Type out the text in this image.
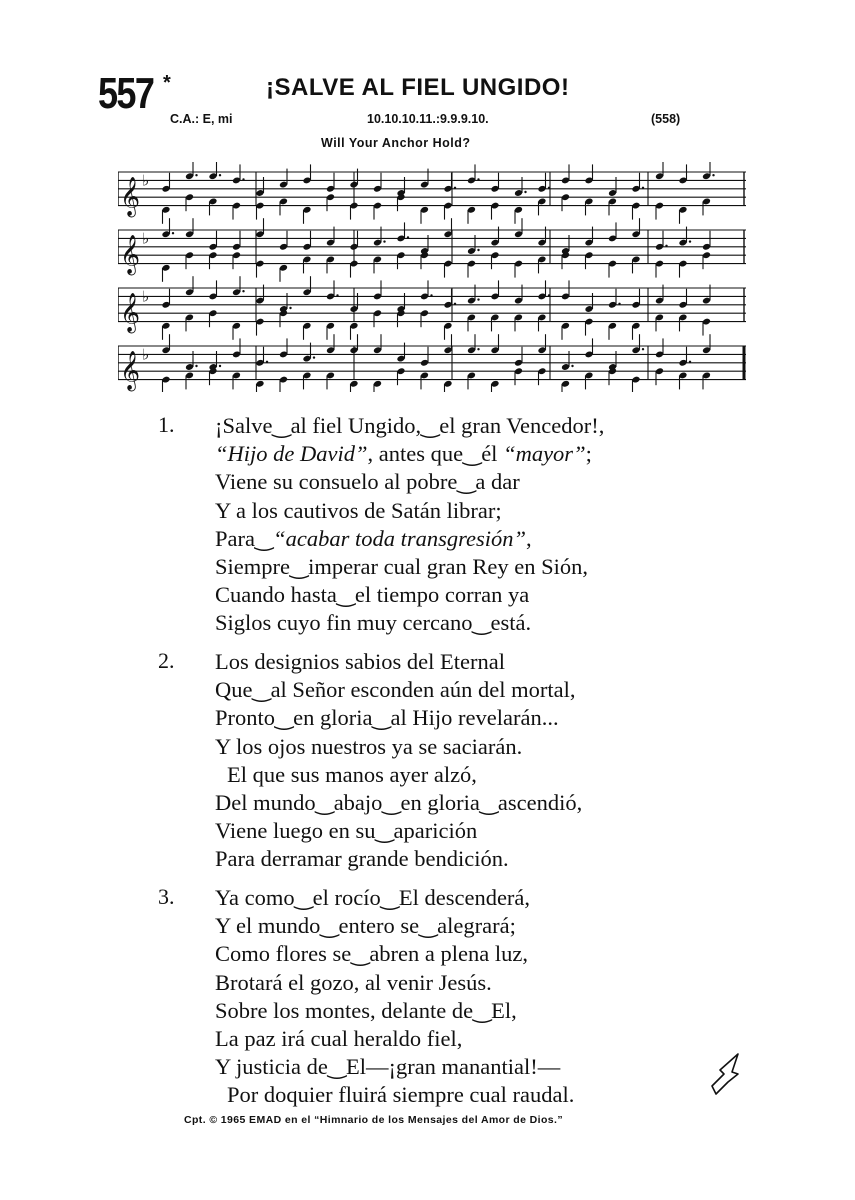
557 *	¡SALVE AL FIEL UNGIDO!
C.A.: E, mi	10.10.10.11.:9.9.9.10.	(558)
Will Your Anchor Hold?
𝄞 ♭
𝄞 ♭
𝄞 ♭
𝄞 ♭
1. ¡Salve‿al fiel Ungido,‿el gran Vencedor!,
“Hijo de David”, antes que‿él “mayor”;
Viene su consuelo al pobre‿a dar
Y a los cautivos de Satán librar;
Para‿“acabar toda transgresión”,
Siempre‿imperar cual gran Rey en Sión,
Cuando hasta‿el tiempo corran ya
Siglos cuyo fin muy cercano‿está.
2. Los designios sabios del Eternal
Que‿al Señor esconden aún del mortal,
Pronto‿en gloria‿al Hijo revelarán...
Y los ojos nuestros ya se saciarán.
El que sus manos ayer alzó,
Del mundo‿abajo‿en gloria‿ascendió,
Viene luego en su‿aparición
Para derramar grande bendición.
3. Ya como‿el rocío‿El descenderá,
Y el mundo‿entero se‿alegrará;
Como flores se‿abren a plena luz,
Brotará el gozo, al venir Jesús.
Sobre los montes, delante de‿El,
La paz irá cual heraldo fiel,
Y justicia de‿El—¡gran manantial!—
Por doquier fluirá siempre cual raudal.
Cpt. © 1965 EMAD en el “Himnario de los Mensajes del Amor de Dios.”
